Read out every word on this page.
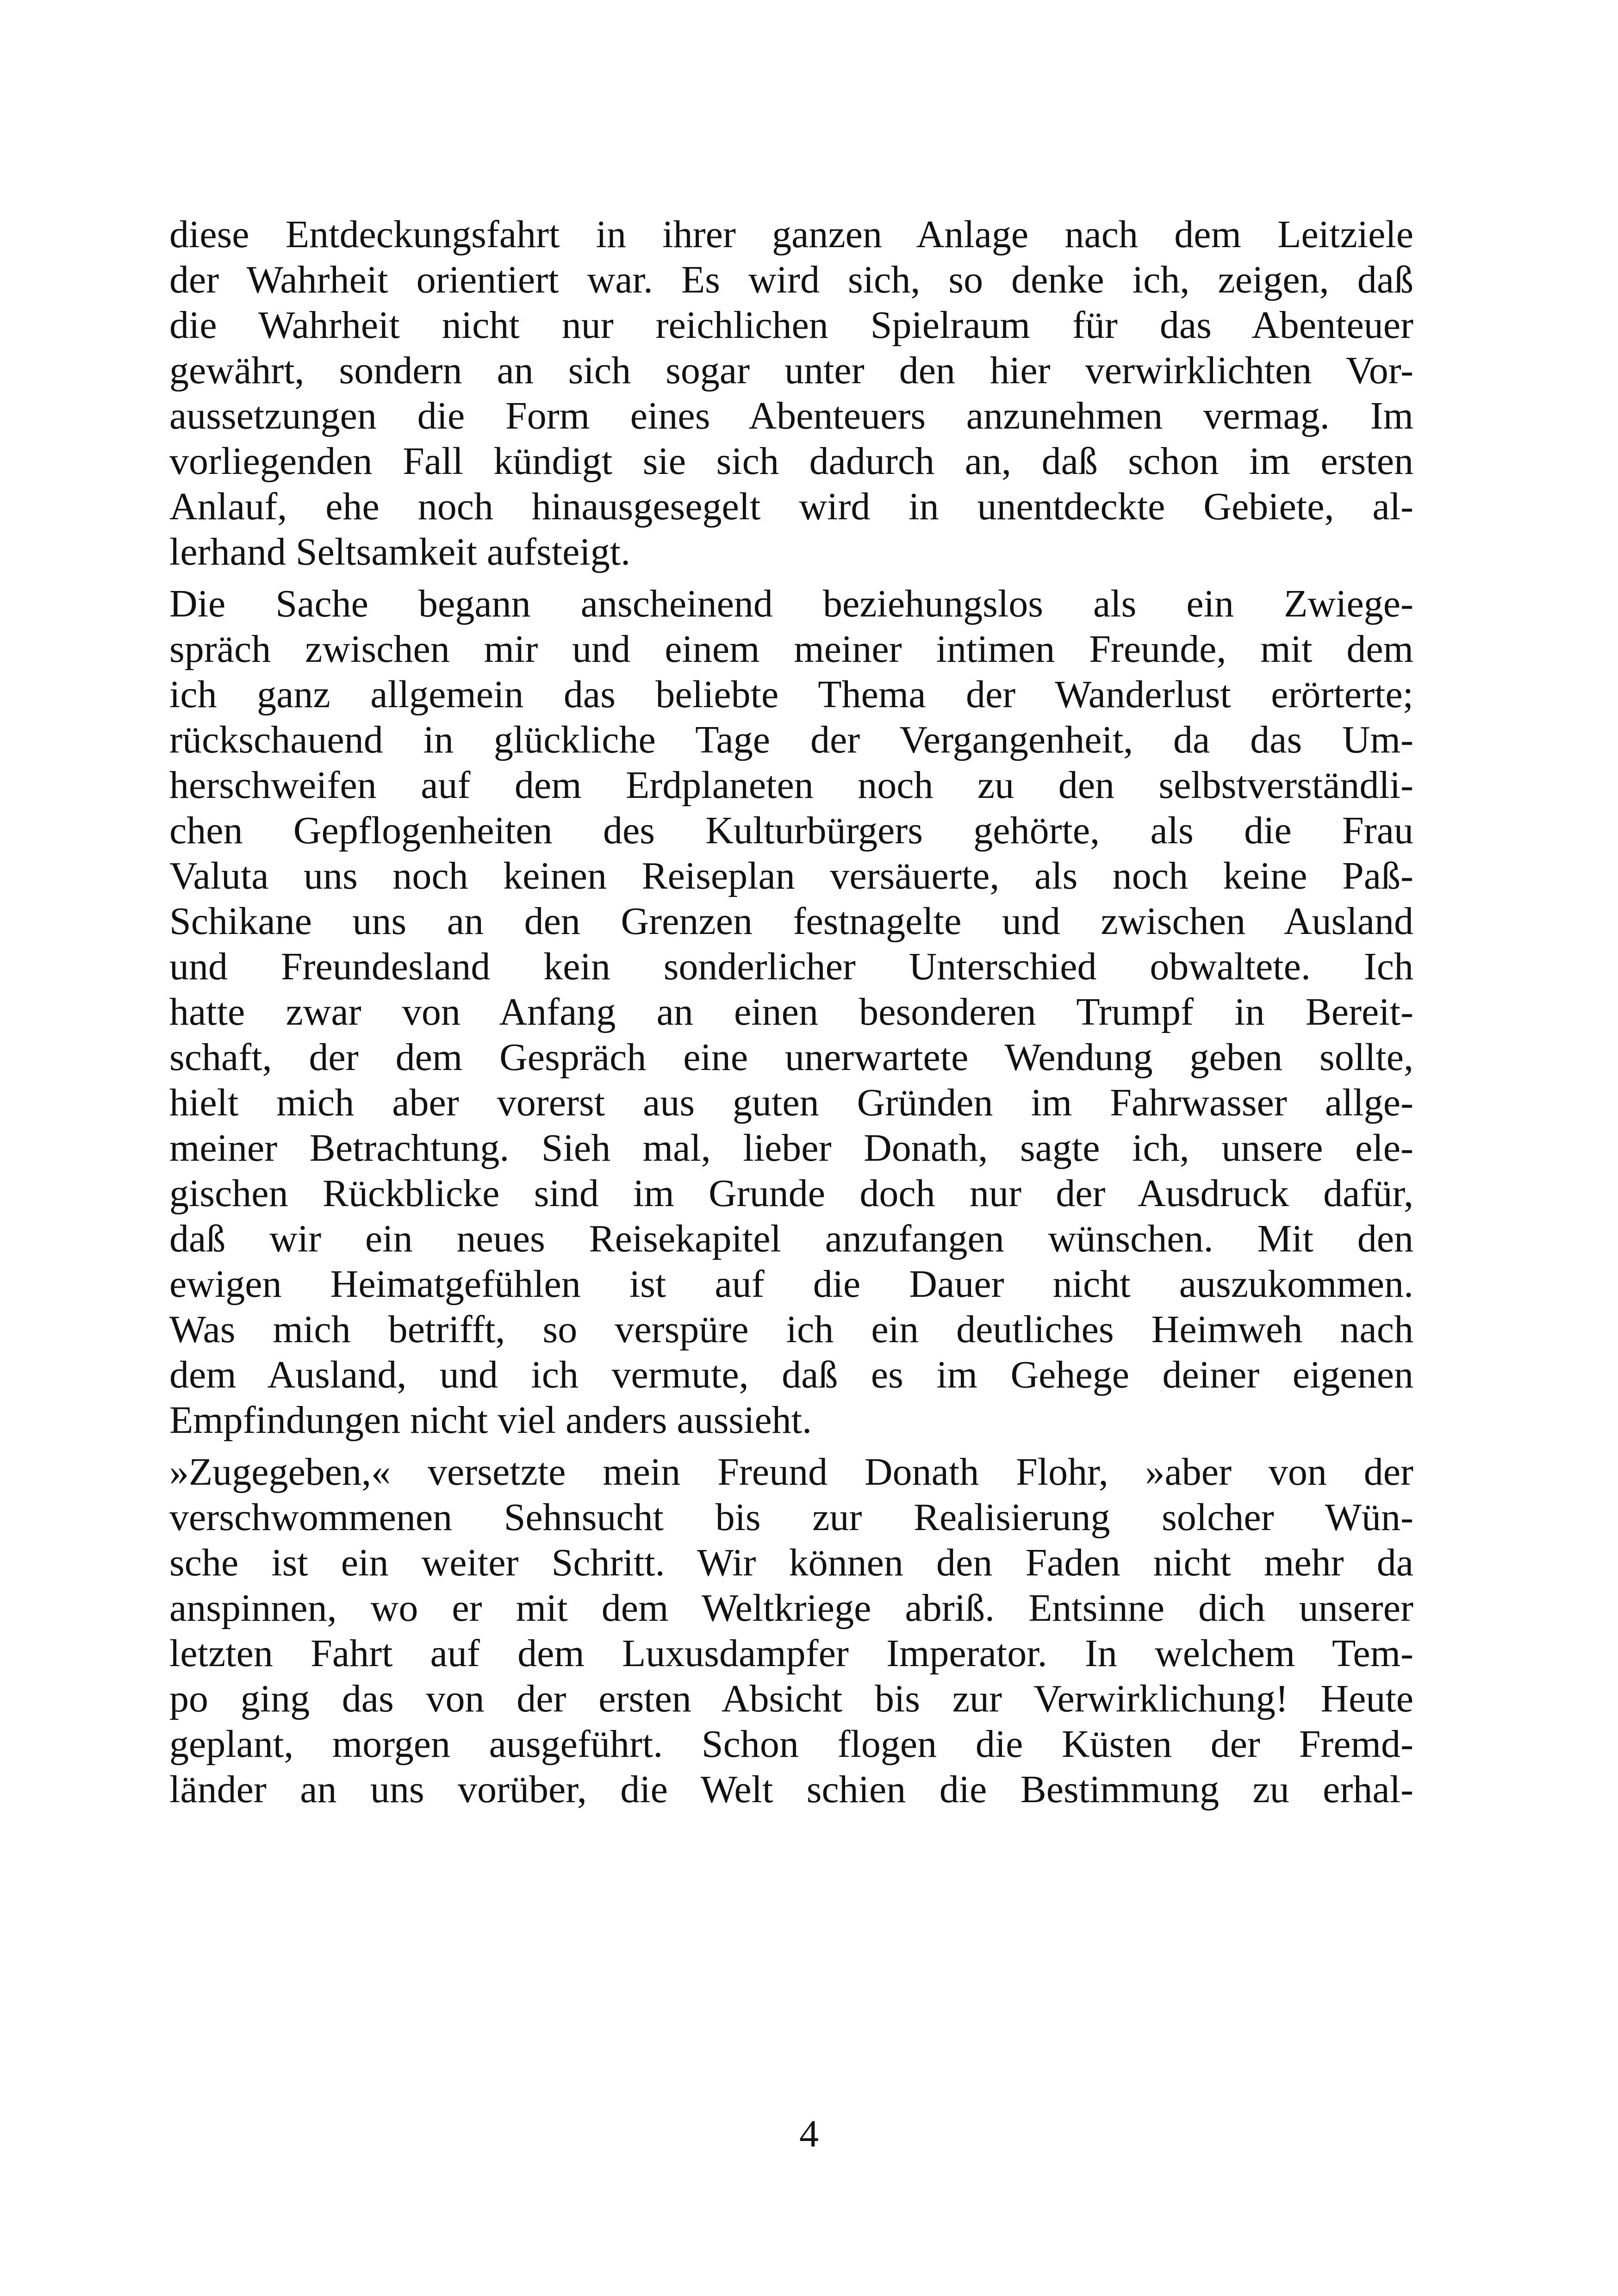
diese Entdeckungsfahrt in ihrer ganzen Anlage nach dem Leitziele
der Wahrheit orientiert war. Es wird sich, so denke ich, zeigen, daß
die Wahrheit nicht nur reichlichen Spielraum für das Abenteuer
gewährt, sondern an sich sogar unter den hier verwirklichten Vor-
aussetzungen die Form eines Abenteuers anzunehmen vermag. Im
vorliegenden Fall kündigt sie sich dadurch an, daß schon im ersten
Anlauf, ehe noch hinausgesegelt wird in unentdeckte Gebiete, al-
lerhand Seltsamkeit aufsteigt.
Die Sache begann anscheinend beziehungslos als ein Zwiege-
spräch zwischen mir und einem meiner intimen Freunde, mit dem
ich ganz allgemein das beliebte Thema der Wanderlust erörterte;
rückschauend in glückliche Tage der Vergangenheit, da das Um-
herschweifen auf dem Erdplaneten noch zu den selbstverständli-
chen Gepflogenheiten des Kulturbürgers gehörte, als die Frau
Valuta uns noch keinen Reiseplan versäuerte, als noch keine Paß-
Schikane uns an den Grenzen festnagelte und zwischen Ausland
und Freundesland kein sonderlicher Unterschied obwaltete. Ich
hatte zwar von Anfang an einen besonderen Trumpf in Bereit-
schaft, der dem Gespräch eine unerwartete Wendung geben sollte,
hielt mich aber vorerst aus guten Gründen im Fahrwasser allge-
meiner Betrachtung. Sieh mal, lieber Donath, sagte ich, unsere ele-
gischen Rückblicke sind im Grunde doch nur der Ausdruck dafür,
daß wir ein neues Reisekapitel anzufangen wünschen. Mit den
ewigen Heimatgefühlen ist auf die Dauer nicht auszukommen.
Was mich betrifft, so verspüre ich ein deutliches Heimweh nach
dem Ausland, und ich vermute, daß es im Gehege deiner eigenen
Empfindungen nicht viel anders aussieht.
»Zugegeben,« versetzte mein Freund Donath Flohr, »aber von der
verschwommenen Sehnsucht bis zur Realisierung solcher Wün-
sche ist ein weiter Schritt. Wir können den Faden nicht mehr da
anspinnen, wo er mit dem Weltkriege abriß. Entsinne dich unserer
letzten Fahrt auf dem Luxusdampfer Imperator. In welchem Tem-
po ging das von der ersten Absicht bis zur Verwirklichung! Heute
geplant, morgen ausgeführt. Schon flogen die Küsten der Fremd-
länder an uns vorüber, die Welt schien die Bestimmung zu erhal-
4
